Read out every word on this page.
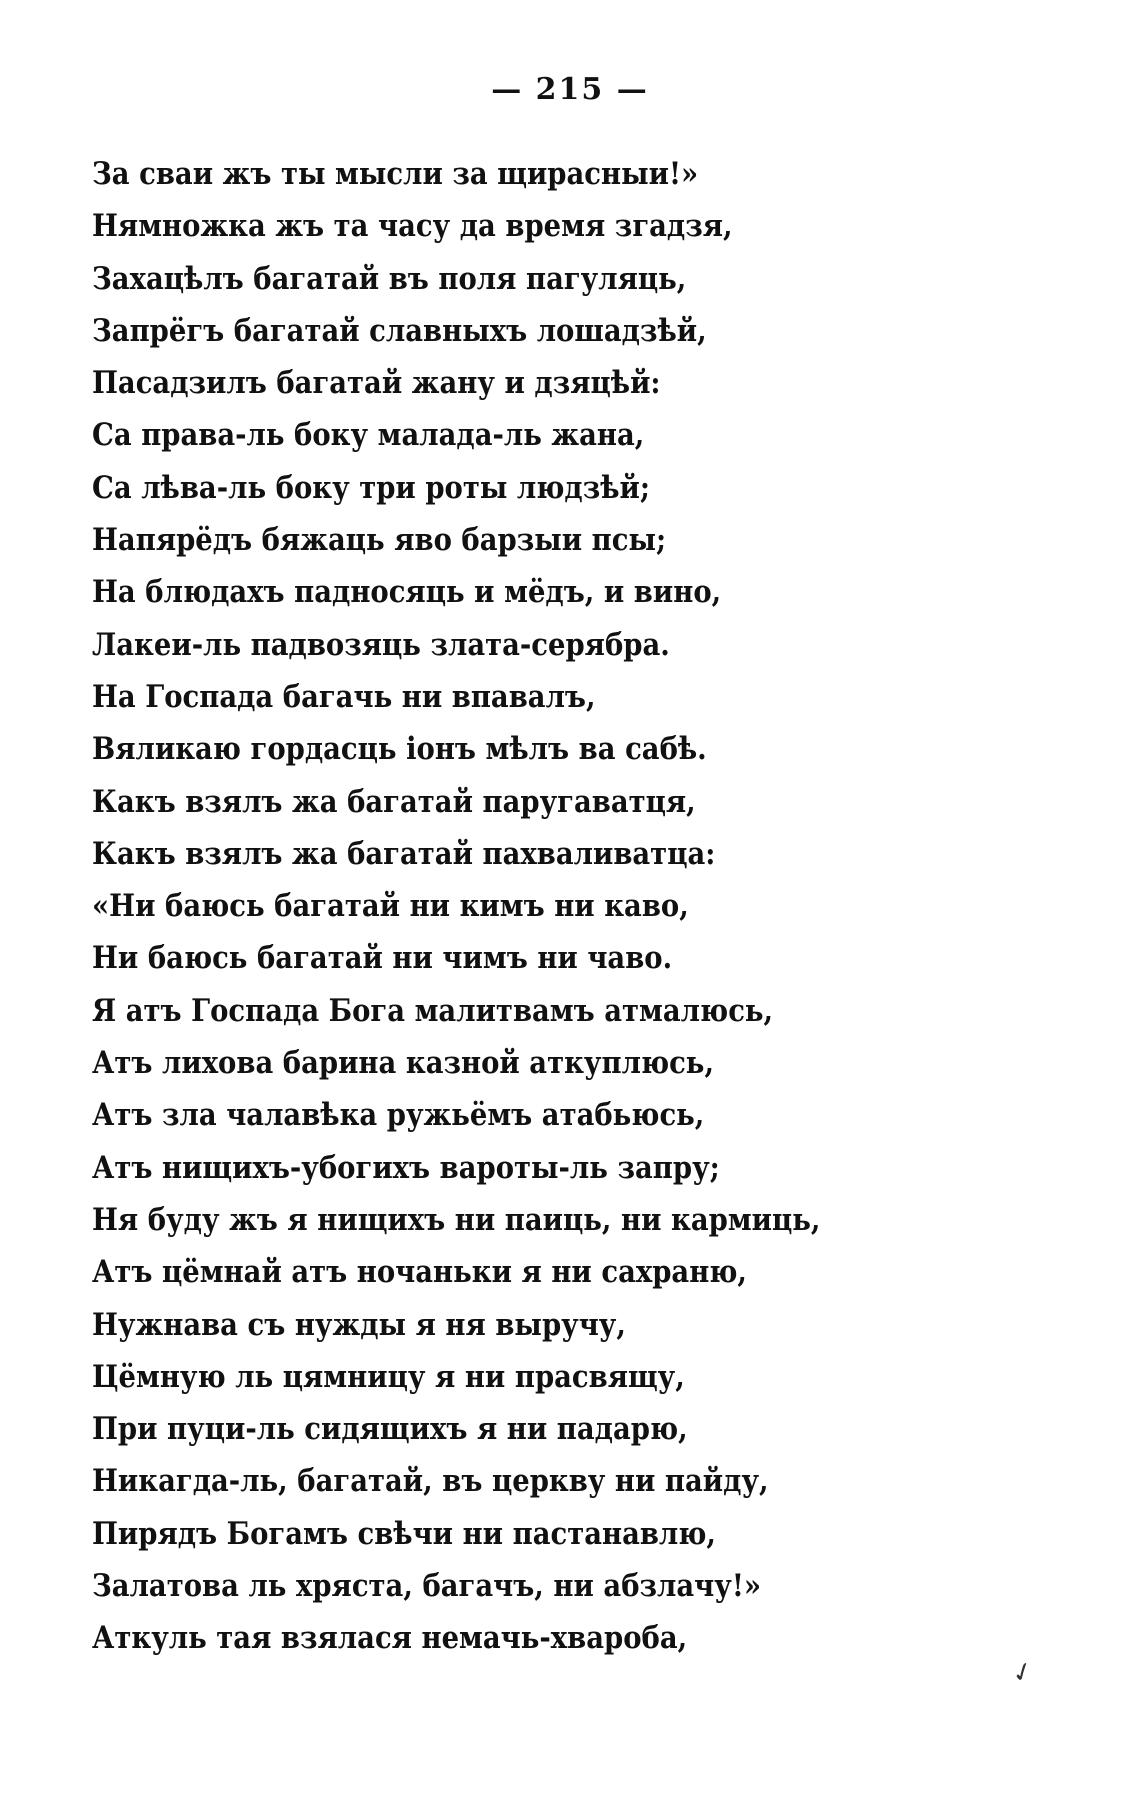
— 215 —
За сваи жъ ты мысли за щирасныи!»
Нямножка жъ та часу да время згадзя,
Захацѣлъ багатай въ поля пагуляць,
Запрёгъ багатай славныхъ лошадзѣй,
Пасадзилъ багатай жану и дзяцѣй:
Са права-ль боку малада-ль жана,
Са лѣва-ль боку три роты людзѣй;
Напярёдъ бяжаць яво барзыи псы;
На блюдахъ падносяць и мёдъ, и вино,
Лакеи-ль падвозяць злата-серябра.
На Госпада багачь ни впавалъ,
Вяликаю гордасць іонъ мѣлъ ва сабѣ.
Какъ взялъ жа багатай паругаватця,
Какъ взялъ жа багатай пахваливатца:
«Ни баюсь багатай ни кимъ ни каво,
Ни баюсь багатай ни чимъ ни чаво.
Я атъ Госпада Бога малитвамъ атмалюсь,
Атъ лихова барина казной аткуплюсь,
Атъ зла чалавѣка ружьёмъ атабьюсь,
Атъ нищихъ-убогихъ вароты-ль запру;
Ня буду жъ я нищихъ ни паиць, ни кармиць,
Атъ цёмнай атъ ночаньки я ни сахраню,
Нужнава съ нужды я ня выручу,
Цёмную ль цямницу я ни прасвящу,
При пуци-ль сидящихъ я ни падарю,
Никагда-ль, багатай, въ церкву ни пайду,
Пирядъ Богамъ свѣчи ни пастанавлю,
Залатова ль хряста, багачъ, ни абзлачу!»
Аткуль тая взялася немачь-хвароба,
✓
